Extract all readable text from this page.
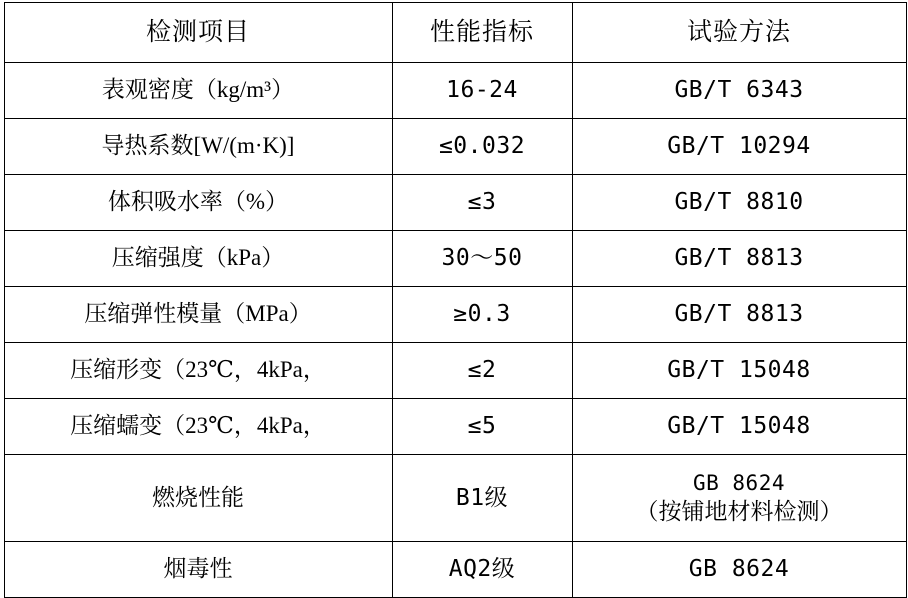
检测项目	性能指标	试验方法
表观密度（kg/m³）	16-24	GB/T 6343
导热系数[W/(m·K)]	≤0.032	GB/T 10294
体积吸水率（%）	≤3	GB/T 8810
压缩强度（kPa）	30～50	GB/T 8813
压缩弹性模量（MPa）	≥0.3	GB/T 8813
压缩形变（23℃，4kPa，	≤2	GB/T 15048
压缩蠕变（23℃，4kPa，	≤5	GB/T 15048
燃烧性能	B1级	GB 8624
（按铺地材料检测）

烟毒性	AQ2级	GB 8624
